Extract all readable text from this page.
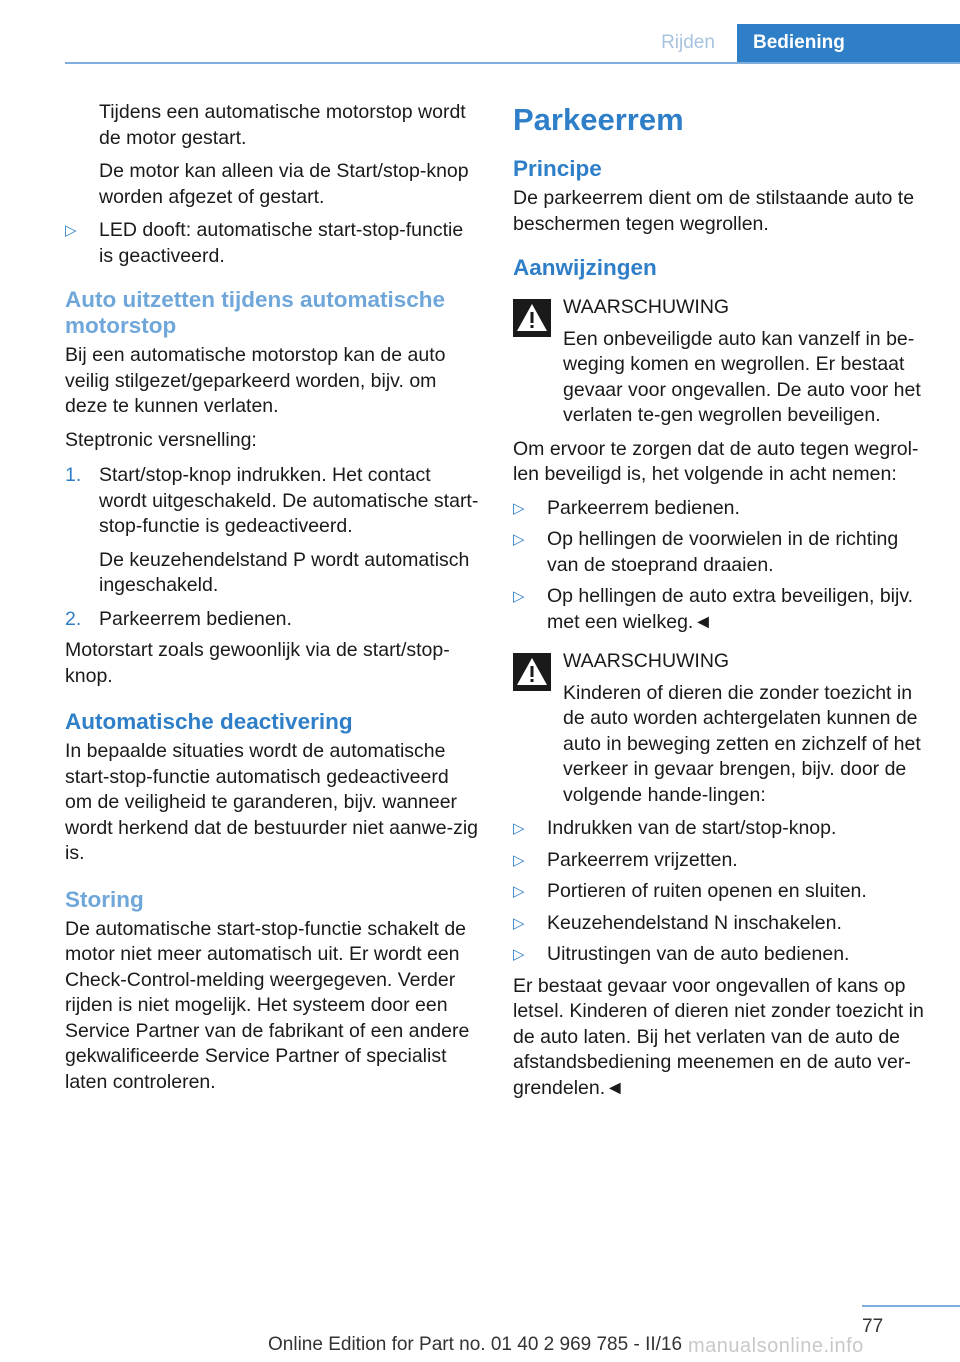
Rijden	Bediening

Tijdens een automatische motorstop wordt de motor gestart.

De motor kan alleen via de Start/stop-knop worden afgezet of gestart.

▷ LED dooft: automatische start-stop-functie is geactiveerd.
Auto uitzetten tijdens automatische motorstop

Bij een automatische motorstop kan de auto veilig stilgezet/geparkeerd worden, bijv. om deze te kunnen verlaten.

Steptronic versnelling:

1. Start/stop-knop indrukken. Het contact wordt uitgeschakeld. De automatische start-stop-functie is gedeactiveerd.

De keuzehendelstand P wordt automatisch ingeschakeld.

2. Parkeerrem bedienen.

Motorstart zoals gewoonlijk via de start/stop-knop.

Automatische deactivering

In bepaalde situaties wordt de automatische start-stop-functie automatisch gedeactiveerd om de veiligheid te garanderen, bijv. wanneer wordt herkend dat de bestuurder niet aanwe-zig is.

Storing

De automatische start-stop-functie schakelt de motor niet meer automatisch uit. Er wordt een Check-Control-melding weergegeven. Verder rijden is niet mogelijk. Het systeem door een Service Partner van de fabrikant of een andere gekwalificeerde Service Partner of specialist laten controleren.

Parkeerrem
Principe

De parkeerrem dient om de stilstaande auto te beschermen tegen wegrollen.

Aanwijzingen

WAARSCHUWING

Een onbeveiligde auto kan vanzelf in be-weging komen en wegrollen. Er bestaat gevaar voor ongevallen. De auto voor het verlaten te-gen wegrollen beveiligen.

Om ervoor te zorgen dat de auto tegen wegrol-len beveiligd is, het volgende in acht nemen:

▷ Parkeerrem bedienen.
▷ Op hellingen de voorwielen in de richting van de stoeprand draaien.
▷ Op hellingen de auto extra beveiligen, bijv. met een wielkeg.◄

WAARSCHUWING

Kinderen of dieren die zonder toezicht in de auto worden achtergelaten kunnen de auto in beweging zetten en zichzelf of het verkeer in gevaar brengen, bijv. door de volgende hande-lingen:

▷ Indrukken van de start/stop-knop.
▷ Parkeerrem vrijzetten.
▷ Portieren of ruiten openen en sluiten.
▷ Keuzehendelstand N inschakelen.
▷ Uitrustingen van de auto bedienen.

Er bestaat gevaar voor ongevallen of kans op letsel. Kinderen of dieren niet zonder toezicht in de auto laten. Bij het verlaten van de auto de afstandsbediening meenemen en de auto ver-grendelen.◄

77
Online Edition for Part no. 01 40 2 969 785 - II/16 manualsonline.info
